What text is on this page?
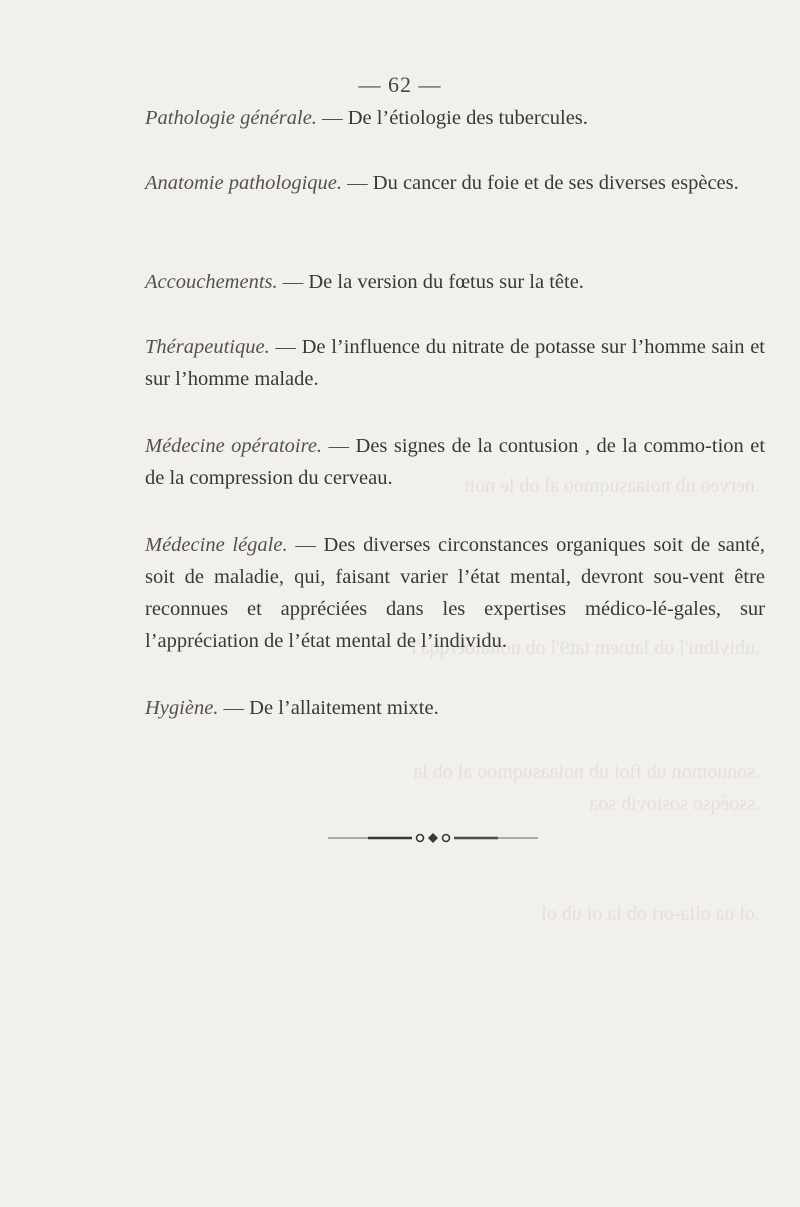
.nerveo ub noiaasuqmoo al ob le noit
.ubivibni'l ob latnem tat9'l ob noitaioèrqqa'l
.sonuomon ub fioi ub noiaasuqmoo al ob la
.ssoèqso sosiovib soa
.ol ua olla-ori ob la ol ub ol
— 62 —
Pathologie générale. — De l’étiologie des tubercules.
Anatomie pathologique. — Du cancer du foie et de ses diverses espèces.
Accouchements. — De la version du fœtus sur la tête.
Thérapeutique. — De l’influence du nitrate de potasse sur l’homme sain et sur l’homme malade.
Médecine opératoire. — Des signes de la contusion , de la commo-tion et de la compression du cerveau.
Médecine légale. — Des diverses circonstances organiques soit de santé, soit de maladie, qui, faisant varier l’état mental, devront sou-vent être reconnues et appréciées dans les expertises médico-lé-gales, sur l’appréciation de l’état mental de l’individu.
Hygiène. — De l’allaitement mixte.
